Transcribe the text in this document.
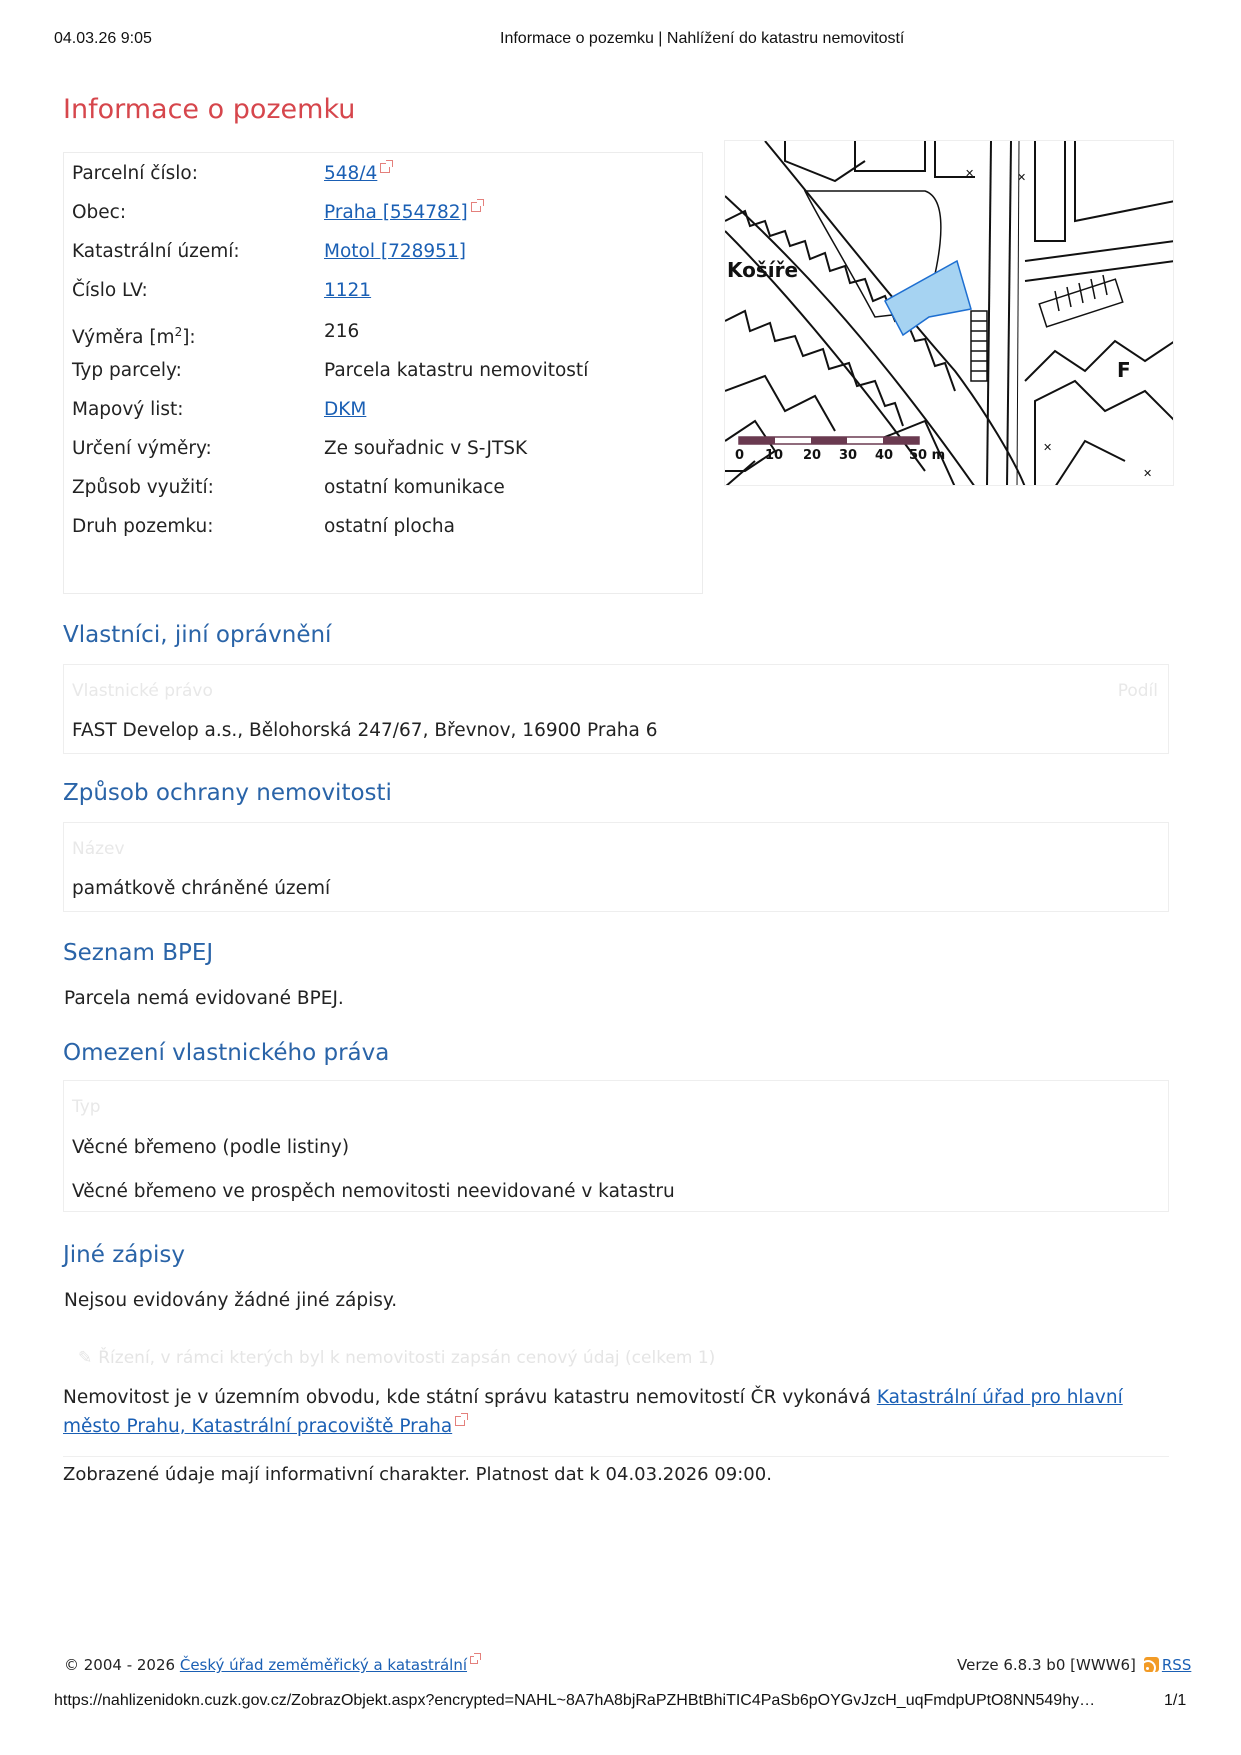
04.03.26 9:05	Informace o pozemku | Nahlížení do katastru nemovitostí
Informace o pozemku
Parcelní číslo:	548/4
Obec:	Praha [554782]
Katastrální území:	Motol [728951]
Číslo LV:	1121
Výměra $[m^2]$:	216
Typ parcely:	Parcela katastru nemovitostí
Mapový list:	DKM
Určení výměry:	Ze souřadnic v S-JTSK
Způsob využití:	ostatní komunikace
Druh pozemku:	ostatní plocha
✕	✕
✕
✕
Košíře
F
0 10 20 30 40 50 m
Vlastníci, jiní oprávnění
Vlastnické právo	Podíl
FAST Develop a.s., Bělohorská 247/67, Břevnov, 16900 Praha 6
Způsob ochrany nemovitosti
Název
památkově chráněné území
Seznam BPEJ
Parcela nemá evidované BPEJ.
Omezení vlastnického práva
Typ
Věcné břemeno (podle listiny)
Věcné břemeno ve prospěch nemovitosti neevidované v katastru
Jiné zápisy
Nejsou evidovány žádné jiné zápisy.
✎ Řízení, v rámci kterých byl k nemovitosti zapsán cenový údaj (celkem 1)
Nemovitost je v územním obvodu, kde státní správu katastru nemovitostí ČR vykonává Katastrální úřad pro hlavní město Prahu, Katastrální pracoviště Praha
Zobrazené údaje mají informativní charakter. Platnost dat k 04.03.2026 09:00.
© 2004 - 2026 Český úřad zeměměřický a katastrální	Verze 6.8.3 b0 [WWW6] RSS
https://nahlizenidokn.cuzk.gov.cz/ZobrazObjekt.aspx?encrypted=NAHL~8A7hA8bjRaPZHBtBhiTIC4PaSb6pOYGvJzcH_uqFmdpUPtO8NN549hy…	1/1
